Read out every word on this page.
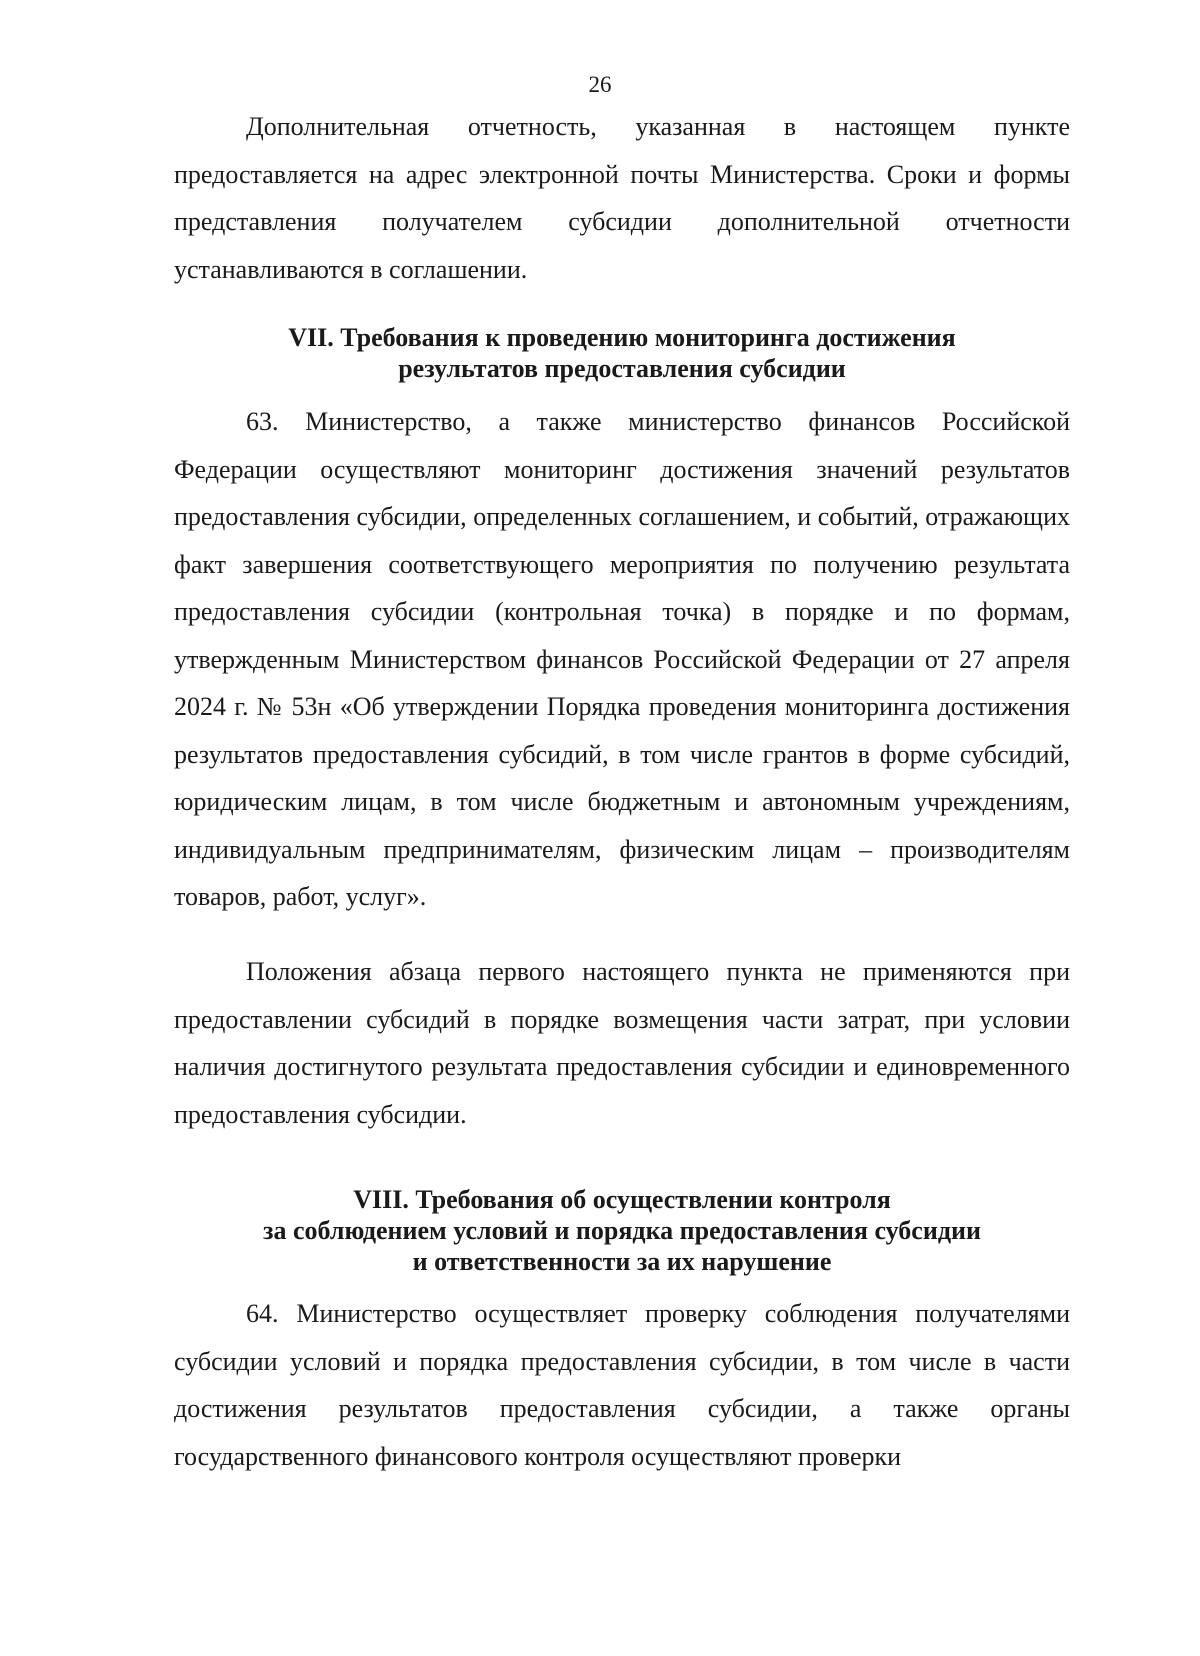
26

Дополнительная отчетность, указанная в настоящем пункте предоставляется на адрес электронной почты Министерства. Сроки и формы представления получателем субсидии дополнительной отчетности устанавливаются в соглашении.

VII. Требования к проведению мониторинга достижения
результатов предоставления субсидии

63. Министерство, а также министерство финансов Российской Федерации осуществляют мониторинг достижения значений результатов предоставления субсидии, определенных соглашением, и событий, отражающих факт завершения соответствующего мероприятия по получению результата предоставления субсидии (контрольная точка) в порядке и по формам, утвержденным Министерством финансов Российской Федерации от 27 апреля 2024 г. № 53н «Об утверждении Порядка проведения мониторинга достижения результатов предоставления субсидий, в том числе грантов в форме субсидий, юридическим лицам, в том числе бюджетным и автономным учреждениям, индивидуальным предпринимателям, физическим лицам – производителям товаров, работ, услуг».

Положения абзаца первого настоящего пункта не применяются при предоставлении субсидий в порядке возмещения части затрат, при условии наличия достигнутого результата предоставления субсидии и единовременного предоставления субсидии.

VIII. Требования об осуществлении контроля
за соблюдением условий и порядка предоставления субсидии
и ответственности за их нарушение

64. Министерство осуществляет проверку соблюдения получателями субсидии условий и порядка предоставления субсидии, в том числе в части достижения результатов предоставления субсидии, а также органы государственного финансового контроля осуществляют проверки
